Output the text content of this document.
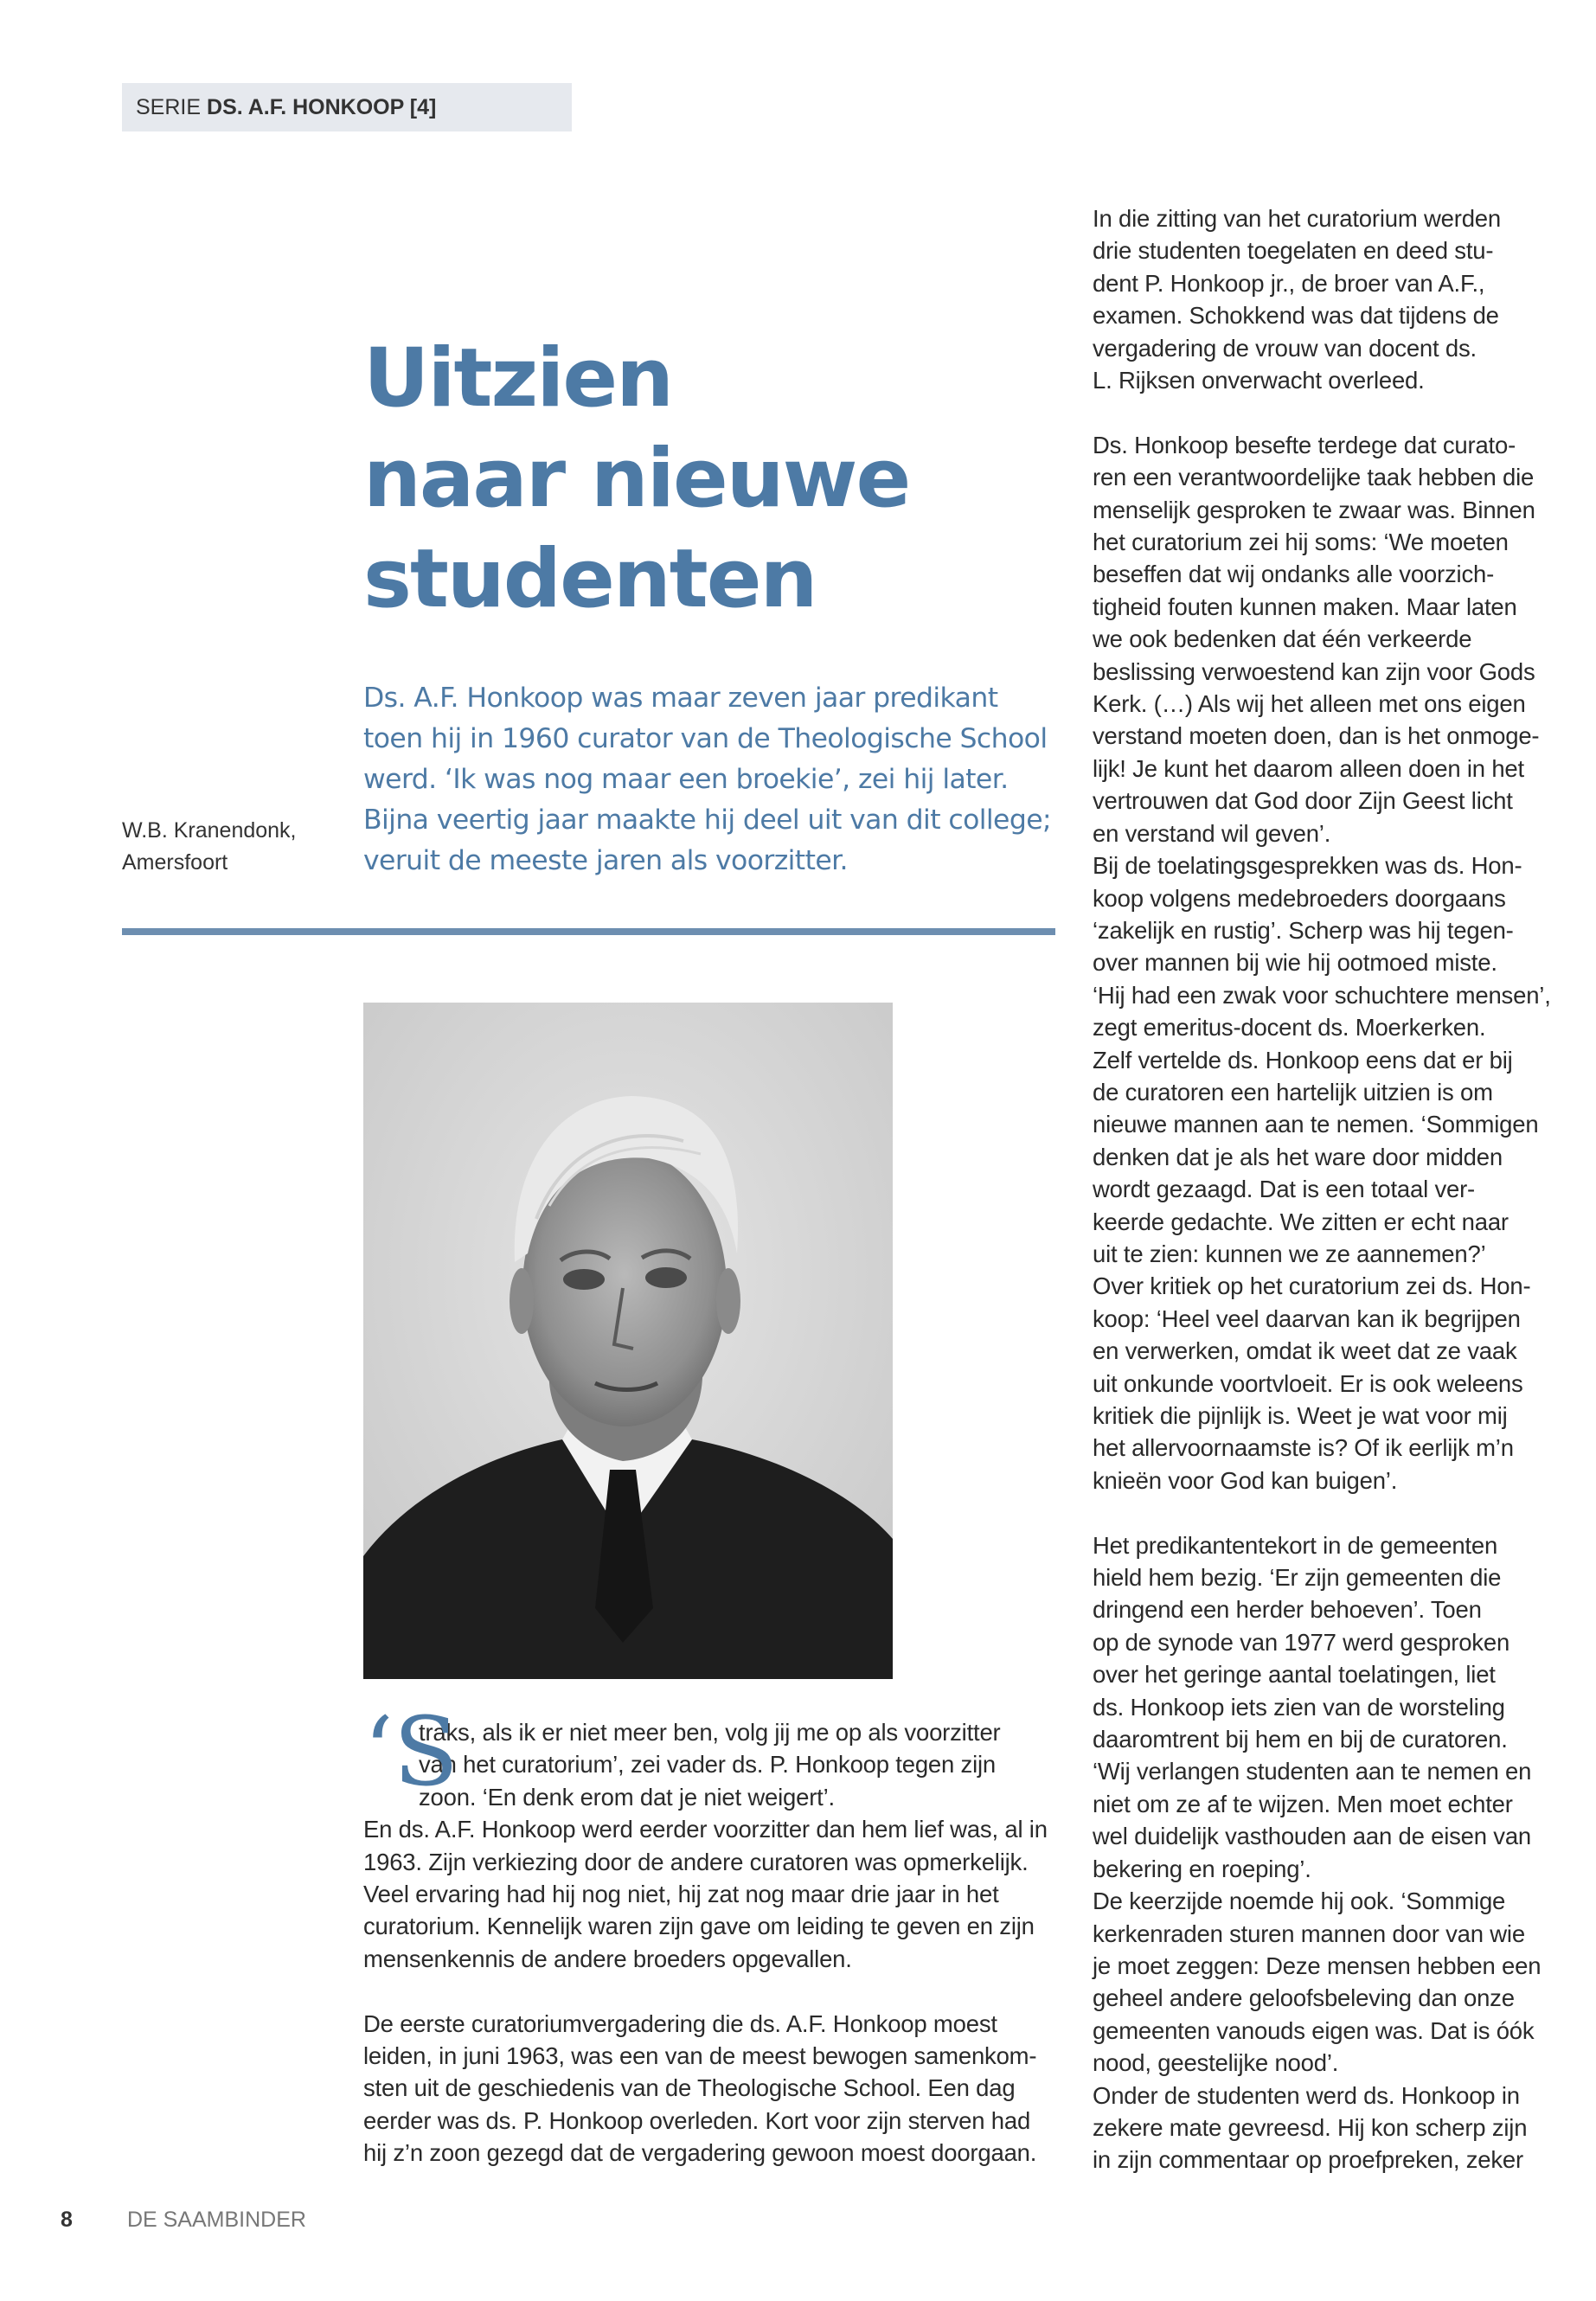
SERIE DS. A.F. HONKOOP [4]
Uitzien
naar nieuwe
studenten

Ds. A.F. Honkoop was maar zeven jaar predikant toen hij in 1960 curator van de Theologische School werd. ‘Ik was nog maar een broekie’, zei hij later. Bijna veertig jaar maakte hij deel uit van dit college; veruit de meeste jaren als voorzitter.

W.B. Kranendonk,
Amersfoort
‘S
traks, als ik er niet meer ben, volg jij me op als voorzitter
van het curatorium’, zei vader ds. P. Honkoop tegen zijn
zoon. ‘En denk erom dat je niet weigert’.
En ds. A.F. Honkoop werd eerder voorzitter dan hem lief was, al in
1963. Zijn verkiezing door de andere curatoren was opmerkelijk.
Veel ervaring had hij nog niet, hij zat nog maar drie jaar in het
curatorium. Kennelijk waren zijn gave om leiding te geven en zijn
mensenkennis de andere broeders opgevallen.
De eerste curatoriumvergadering die ds. A.F. Honkoop moest
leiden, in juni 1963, was een van de meest bewogen samenkom-
sten uit de geschiedenis van de Theologische School. Een dag
eerder was ds. P. Honkoop overleden. Kort voor zijn sterven had
hij z’n zoon gezegd dat de vergadering gewoon moest doorgaan.
In die zitting van het curatorium werden
drie studenten toegelaten en deed stu-
dent P. Honkoop jr., de broer van A.F.,
examen. Schokkend was dat tijdens de
vergadering de vrouw van docent ds.
L. Rijksen onverwacht overleed.
Ds. Honkoop besefte terdege dat curato-
ren een verantwoordelijke taak hebben die
menselijk gesproken te zwaar was. Binnen
het curatorium zei hij soms: ‘We moeten
beseffen dat wij ondanks alle voorzich-
tigheid fouten kunnen maken. Maar laten
we ook bedenken dat één verkeerde
beslissing verwoestend kan zijn voor Gods
Kerk. (…) Als wij het alleen met ons eigen
verstand moeten doen, dan is het onmoge-
lijk! Je kunt het daarom alleen doen in het
vertrouwen dat God door Zijn Geest licht
en verstand wil geven’.
Bij de toelatingsgesprekken was ds. Hon-
koop volgens medebroeders doorgaans
‘zakelijk en rustig’. Scherp was hij tegen-
over mannen bij wie hij ootmoed miste.
‘Hij had een zwak voor schuchtere mensen’,
zegt emeritus-docent ds. Moerkerken.
Zelf vertelde ds. Honkoop eens dat er bij
de curatoren een hartelijk uitzien is om
nieuwe mannen aan te nemen. ‘Sommigen
denken dat je als het ware door midden
wordt gezaagd. Dat is een totaal ver-
keerde gedachte. We zitten er echt naar
uit te zien: kunnen we ze aannemen?’
Over kritiek op het curatorium zei ds. Hon-
koop: ‘Heel veel daarvan kan ik begrijpen
en verwerken, omdat ik weet dat ze vaak
uit onkunde voortvloeit. Er is ook weleens
kritiek die pijnlijk is. Weet je wat voor mij
het allervoornaamste is? Of ik eerlijk m’n
knieën voor God kan buigen’.
Het predikantentekort in de gemeenten
hield hem bezig. ‘Er zijn gemeenten die
dringend een herder behoeven’. Toen
op de synode van 1977 werd gesproken
over het geringe aantal toelatingen, liet
ds. Honkoop iets zien van de worsteling
daaromtrent bij hem en bij de curatoren.
‘Wij verlangen studenten aan te nemen en
niet om ze af te wijzen. Men moet echter
wel duidelijk vasthouden aan de eisen van
bekering en roeping’.
De keerzijde noemde hij ook. ‘Sommige
kerkenraden sturen mannen door van wie
je moet zeggen: Deze mensen hebben een
geheel andere geloofsbeleving dan onze
gemeenten vanouds eigen was. Dat is óók
nood, geestelijke nood’.
Onder de studenten werd ds. Honkoop in
zekere mate gevreesd. Hij kon scherp zijn
in zijn commentaar op proefpreken, zeker
8	DE SAAMBINDER
